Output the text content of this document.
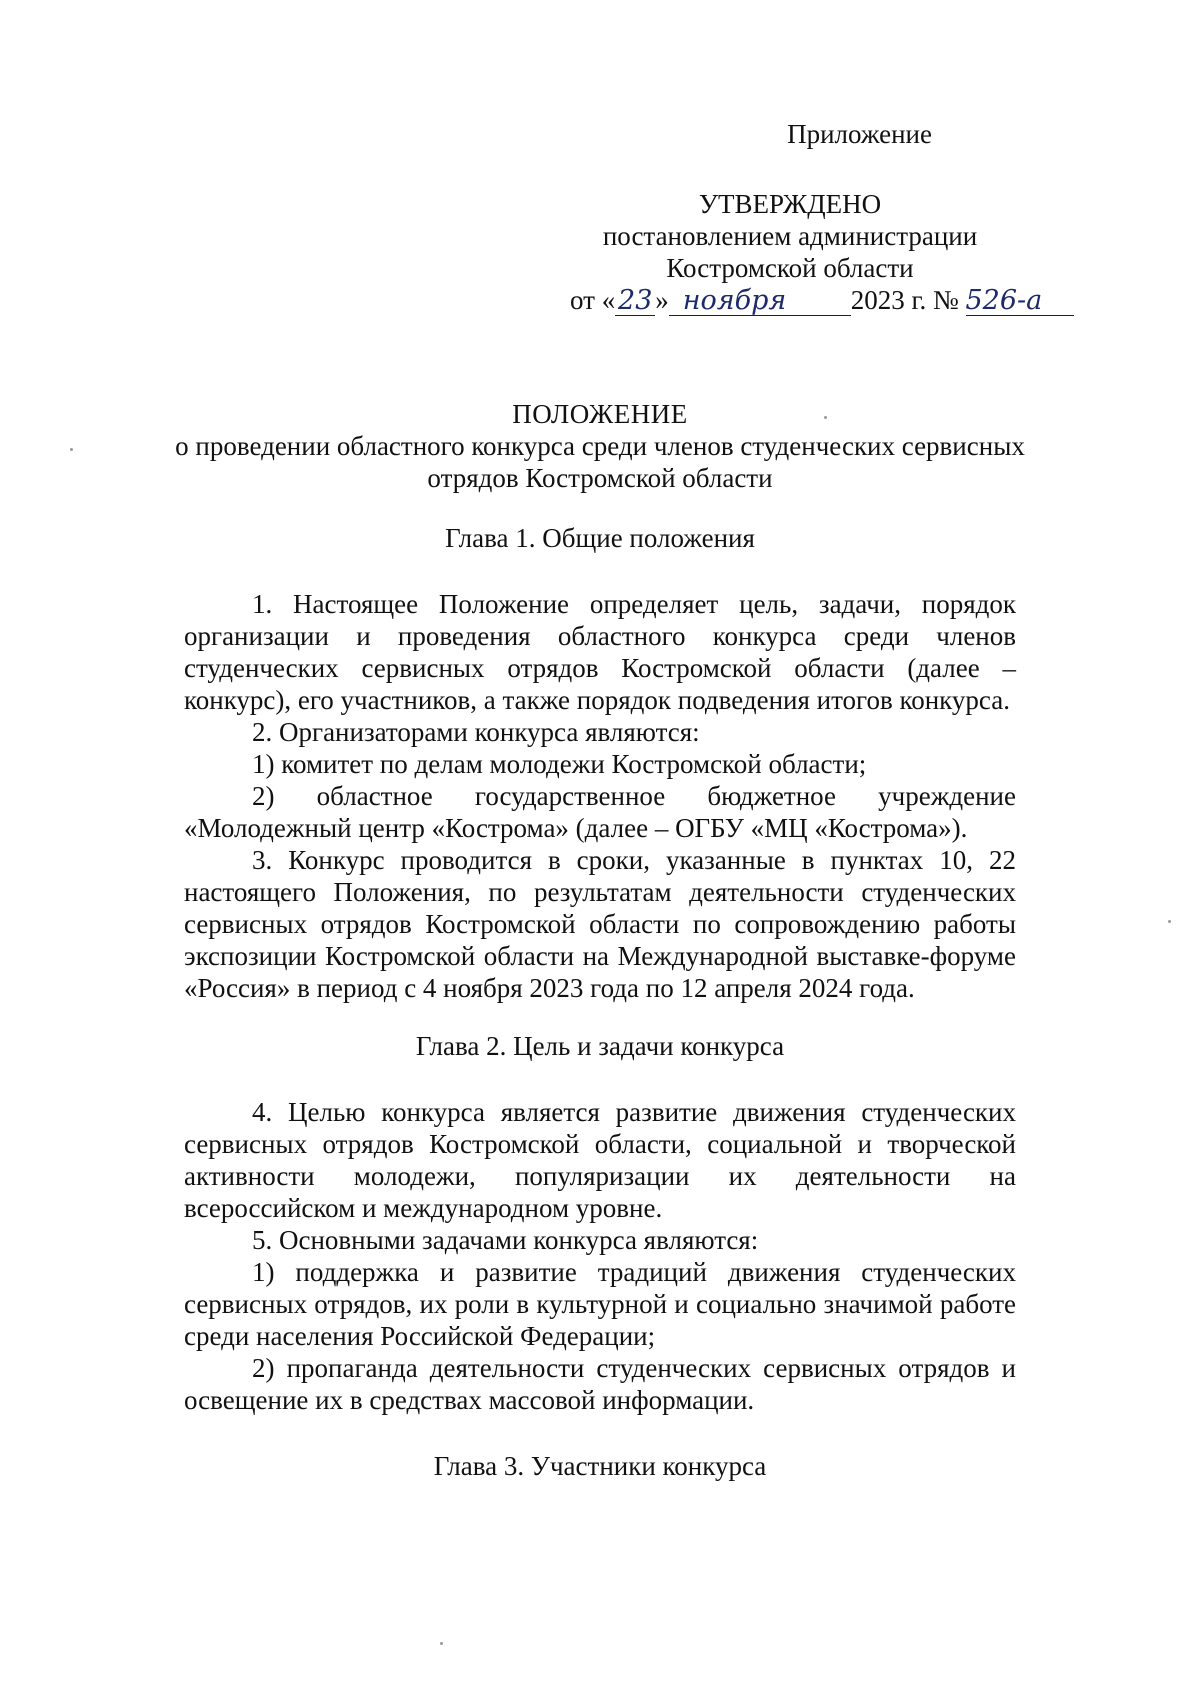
Приложение
УТВЕРЖДЕНО
постановлением администрации
Костромской области
от « 23 » ноября 2023 г. № 526-а
ПОЛОЖЕНИЕ
о проведении областного конкурса среди членов студенческих сервисных
отрядов Костромской области
Глава 1. Общие положения

1. Настоящее Положение определяет цель, задачи, порядок организации и проведения областного конкурса среди членов студенческих сервисных отрядов Костромской области (далее – конкурс), его участников, а также порядок подведения итогов конкурса.

2. Организаторами конкурса являются:

1) комитет по делам молодежи Костромской области;

2) областное государственное бюджетное учреждение «Молодежный центр «Кострома» (далее – ОГБУ «МЦ «Кострома»).

3. Конкурс проводится в сроки, указанные в пунктах 10, 22 настоящего Положения, по результатам деятельности студенческих сервисных отрядов Костромской области по сопровождению работы экспозиции Костромской области на Международной выставке-форуме «Россия» в период с 4 ноября 2023 года по 12 апреля 2024 года.

Глава 2. Цель и задачи конкурса

4. Целью конкурса является развитие движения студенческих сервисных отрядов Костромской области, социальной и творческой активности молодежи, популяризации их деятельности на всероссийском и международном уровне.

5. Основными задачами конкурса являются:

1) поддержка и развитие традиций движения студенческих сервисных отрядов, их роли в культурной и социально значимой работе среди населения Российской Федерации;

2) пропаганда деятельности студенческих сервисных отрядов и освещение их в средствах массовой информации.

Глава 3. Участники конкурса
